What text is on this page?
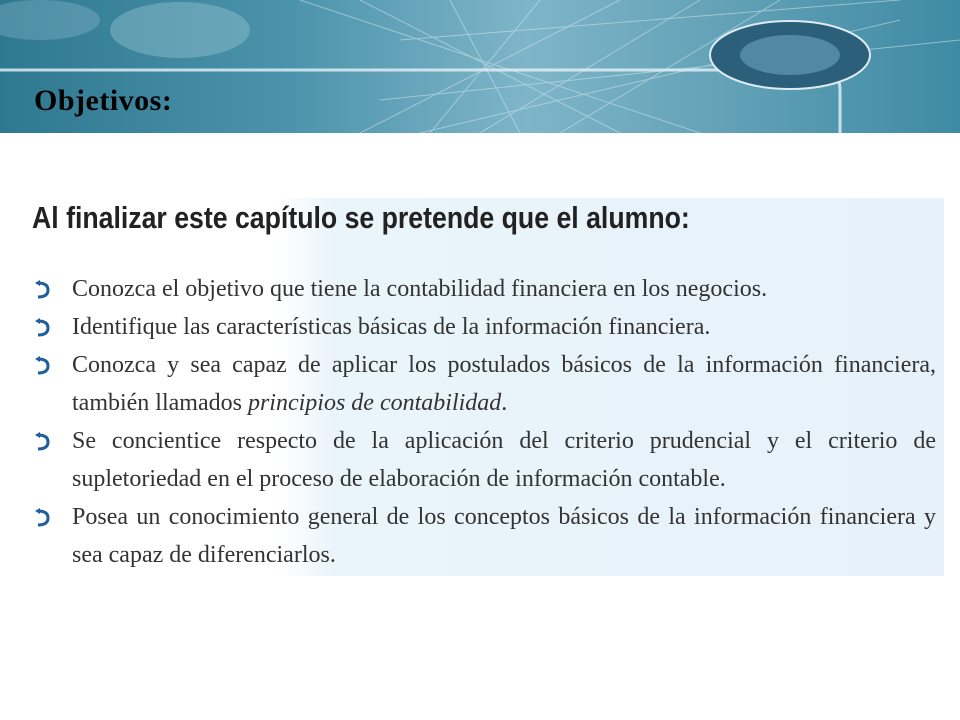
Objetivos:
Al finalizar este capítulo se pretende que el alumno:
Conozca el objetivo que tiene la contabilidad financiera en los negocios.
Identifique las características básicas de la información financiera.
Conozca y sea capaz de aplicar los postulados básicos de la información financiera, también llamados principios de contabilidad.
Se concientice respecto de la aplicación del criterio prudencial y el criterio de supletoriedad en el proceso de elaboración de información contable.
Posea un conocimiento general de los conceptos básicos de la información financiera y sea capaz de diferenciarlos.
